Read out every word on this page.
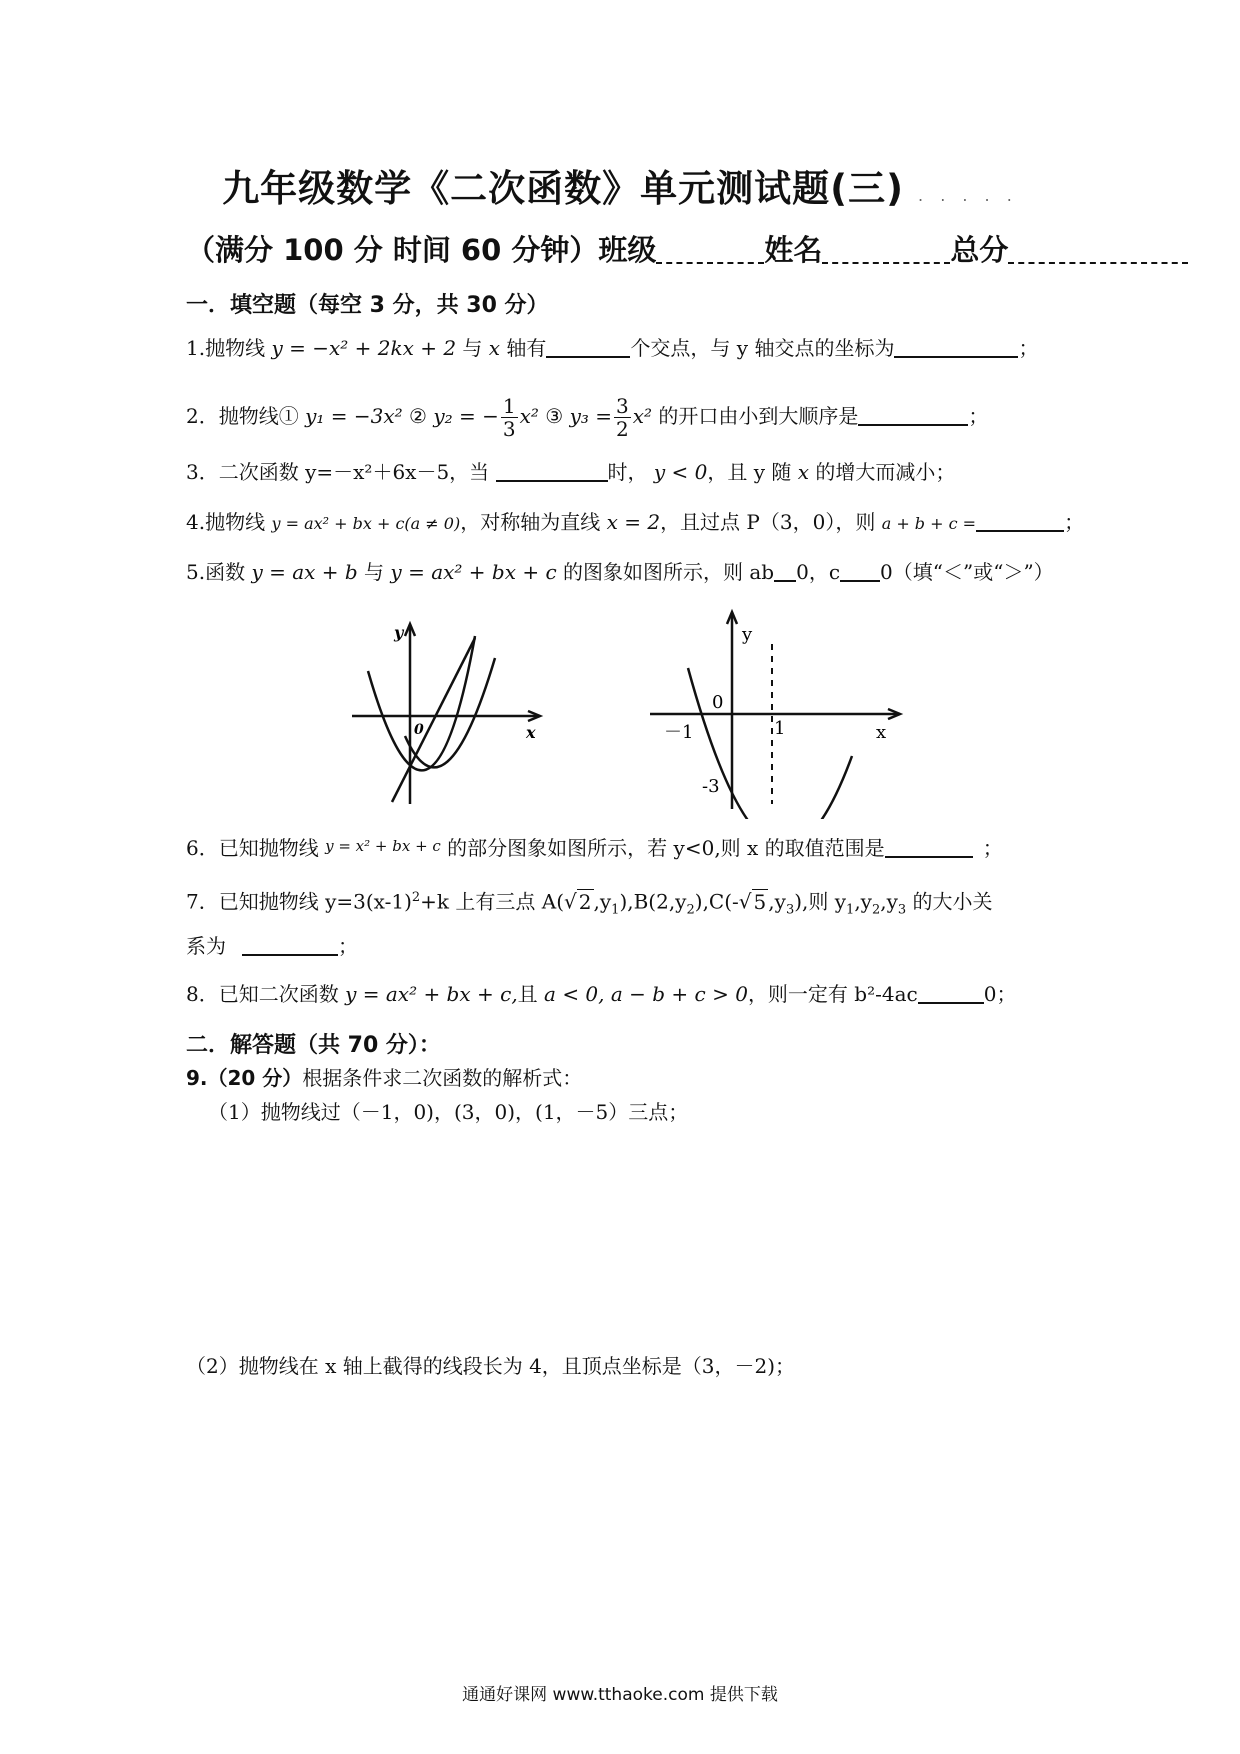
九年级数学《二次函数》单元测试题(三) . . . . .
（满分 100 分 时间 60 分钟）班级	姓名	总分
一．填空题（每空 3 分，共 30 分）
1.抛物线 y = −x² + 2kx + 2 与 x 轴有	个交点，与 y 轴交点的坐标为	；
2．抛物线① y₁ = −3x² ② y₂ = − $\frac{1}{3} x^2$ ③ $y_3 = \frac{3}{2} x^2$ 的开口由小到大顺序是	；
3．二次函数 y=－x²＋6x－5，当	时， y < 0，且 y 随 x 的增大而减小；
4.抛物线 y = ax² + bx + c(a ≠ 0)，对称轴为直线 x = 2，且过点 P（3，0），则 a + b + c =	；
5.函数 y = ax + b 与 y = ax² + bx + c 的图象如图所示，则 ab 0，c 0（填“＜”或“＞”）
y
x
0
y
x
0
－1	1
-3
6．已知抛物线 $^{y = x^2 + bx + c}$ 的部分图象如图所示，若 y<0,则 x 的取值范围是	；
7．已知抛物线 $y=3(x-1)^2+k$ 上有三点 A(√ 2 $,y_1),B(2,y_2),C(-√$ 5 $,y_3$),则 $y_1,y_2,y_3$ 的大小关
系为	；
8．已知二次函数 y = ax² + bx + c,且 a < 0, a − b + c > 0，则一定有 b²-4ac	0；
二．解答题（共 70 分）：
9.（20 分）根据条件求二次函数的解析式：
（1）抛物线过（－1，0)，(3，0)，(1，－5）三点；
（2）抛物线在 x 轴上截得的线段长为 4，且顶点坐标是（3，－2)；
通通好课网 www.tthaoke.com 提供下载
